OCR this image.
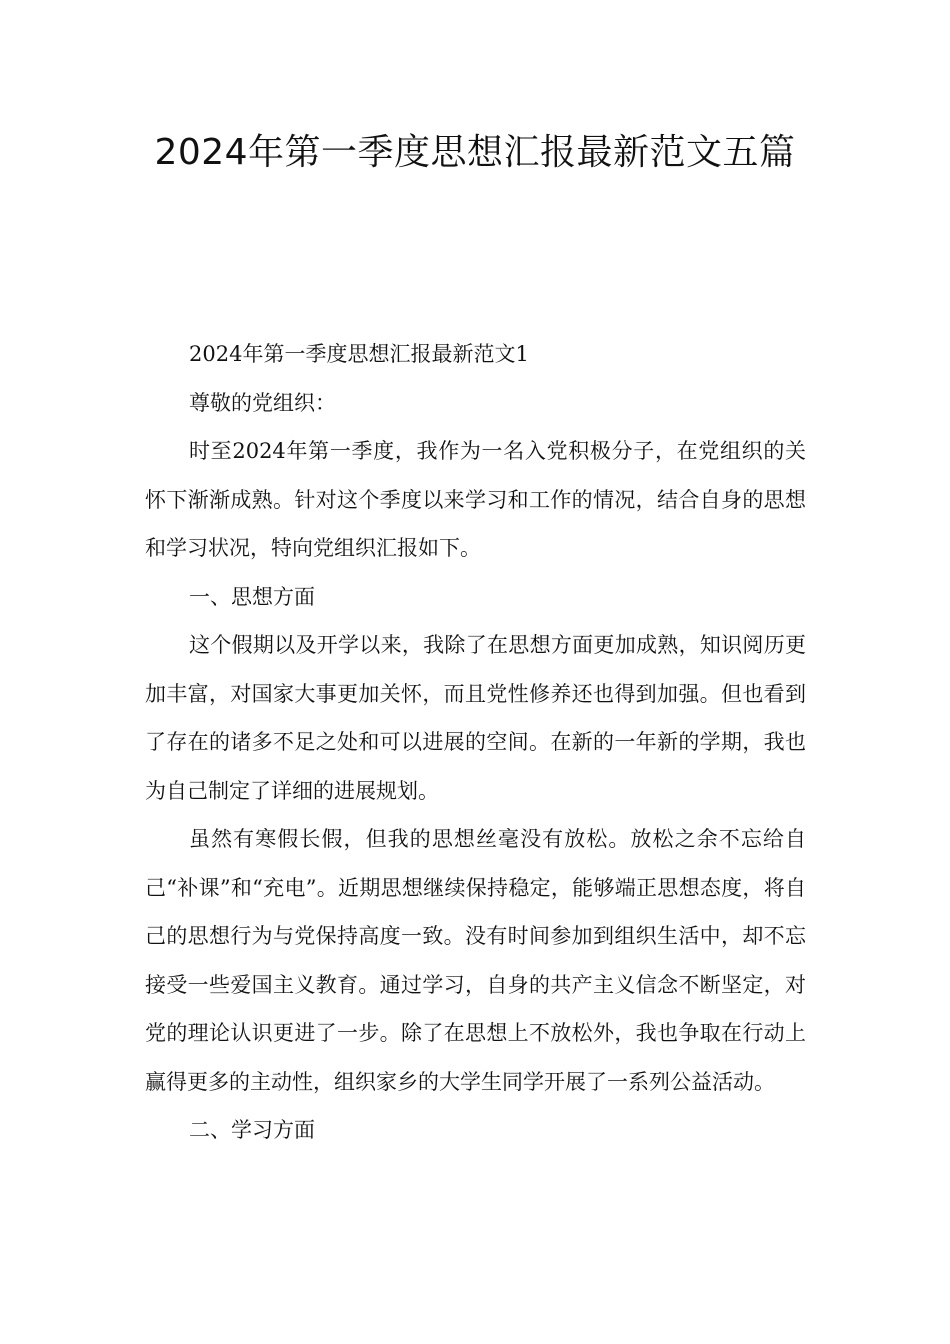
2024年第一季度思想汇报最新范文五篇

2024年第一季度思想汇报最新范文1

尊敬的党组织：

时至2024年第一季度，我作为一名入党积极分子，在党组织的关怀下渐渐成熟。针对这个季度以来学习和工作的情况，结合自身的思想和学习状况，特向党组织汇报如下。

一、思想方面

这个假期以及开学以来，我除了在思想方面更加成熟，知识阅历更加丰富，对国家大事更加关怀，而且党性修养还也得到加强。但也看到了存在的诸多不足之处和可以进展的空间。在新的一年新的学期，我也为自己制定了详细的进展规划。

虽然有寒假长假，但我的思想丝毫没有放松。放松之余不忘给自己“补课”和“充电”。近期思想继续保持稳定，能够端正思想态度，将自己的思想行为与党保持高度一致。没有时间参加到组织生活中，却不忘接受一些爱国主义教育。通过学习，自身的共产主义信念不断坚定，对党的理论认识更进了一步。除了在思想上不放松外，我也争取在行动上赢得更多的主动性，组织家乡的大学生同学开展了一系列公益活动。

二、学习方面
